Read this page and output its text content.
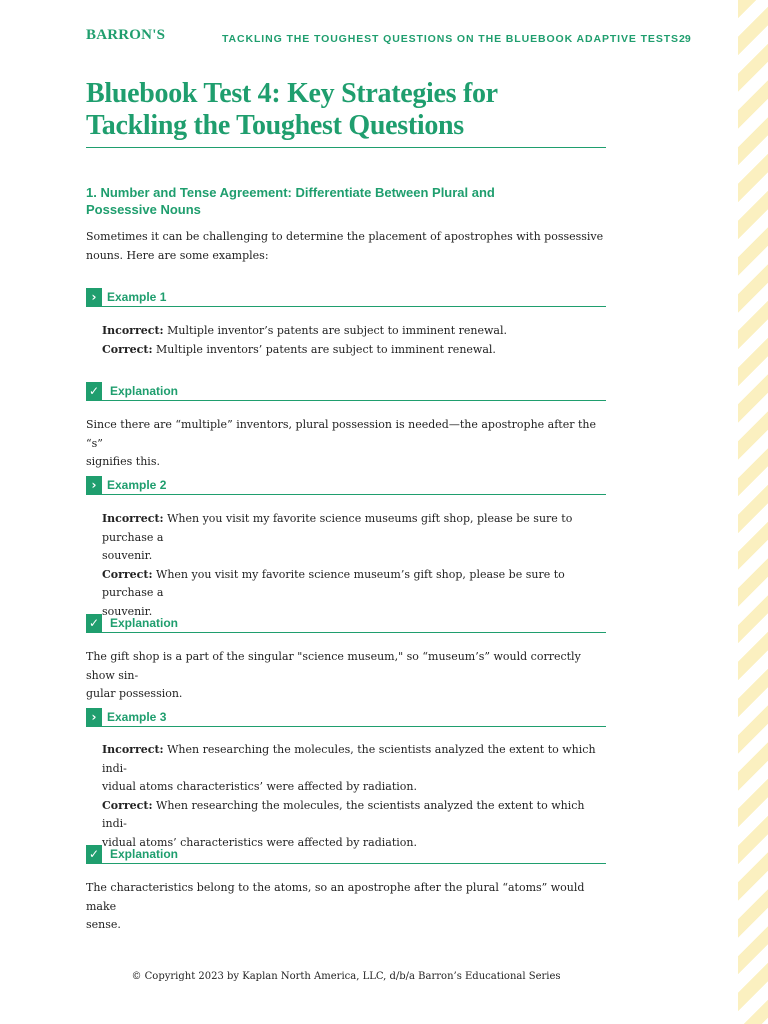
BARRON'S	TACKLING THE TOUGHEST QUESTIONS ON THE BLUEBOOK ADAPTIVE TESTS 29
Bluebook Test 4: Key Strategies for
Tackling the Toughest Questions
1. Number and Tense Agreement: Differentiate Between Plural and
Possessive Nouns

Sometimes it can be challenging to determine the placement of apostrophes with possessive
nouns. Here are some examples:

› Example 1

Incorrect: Multiple inventor’s patents are subject to imminent renewal.
Correct: Multiple inventors’ patents are subject to imminent renewal.

✓ Explanation

Since there are “multiple” inventors, plural possession is needed—the apostrophe after the “s”
signifies this.

› Example 2

Incorrect: When you visit my favorite science museums gift shop, please be sure to purchase a
souvenir.
Correct: When you visit my favorite science museum’s gift shop, please be sure to purchase a
souvenir.

✓ Explanation

The gift shop is a part of the singular "science museum," so “museum’s” would correctly show sin-
gular possession.

› Example 3

Incorrect: When researching the molecules, the scientists analyzed the extent to which indi-
vidual atoms characteristics’ were affected by radiation.
Correct: When researching the molecules, the scientists analyzed the extent to which indi-
vidual atoms’ characteristics were affected by radiation.

✓ Explanation

The characteristics belong to the atoms, so an apostrophe after the plural “atoms” would make
sense.

© Copyright 2023 by Kaplan North America, LLC, d/b/a Barron’s Educational Series
